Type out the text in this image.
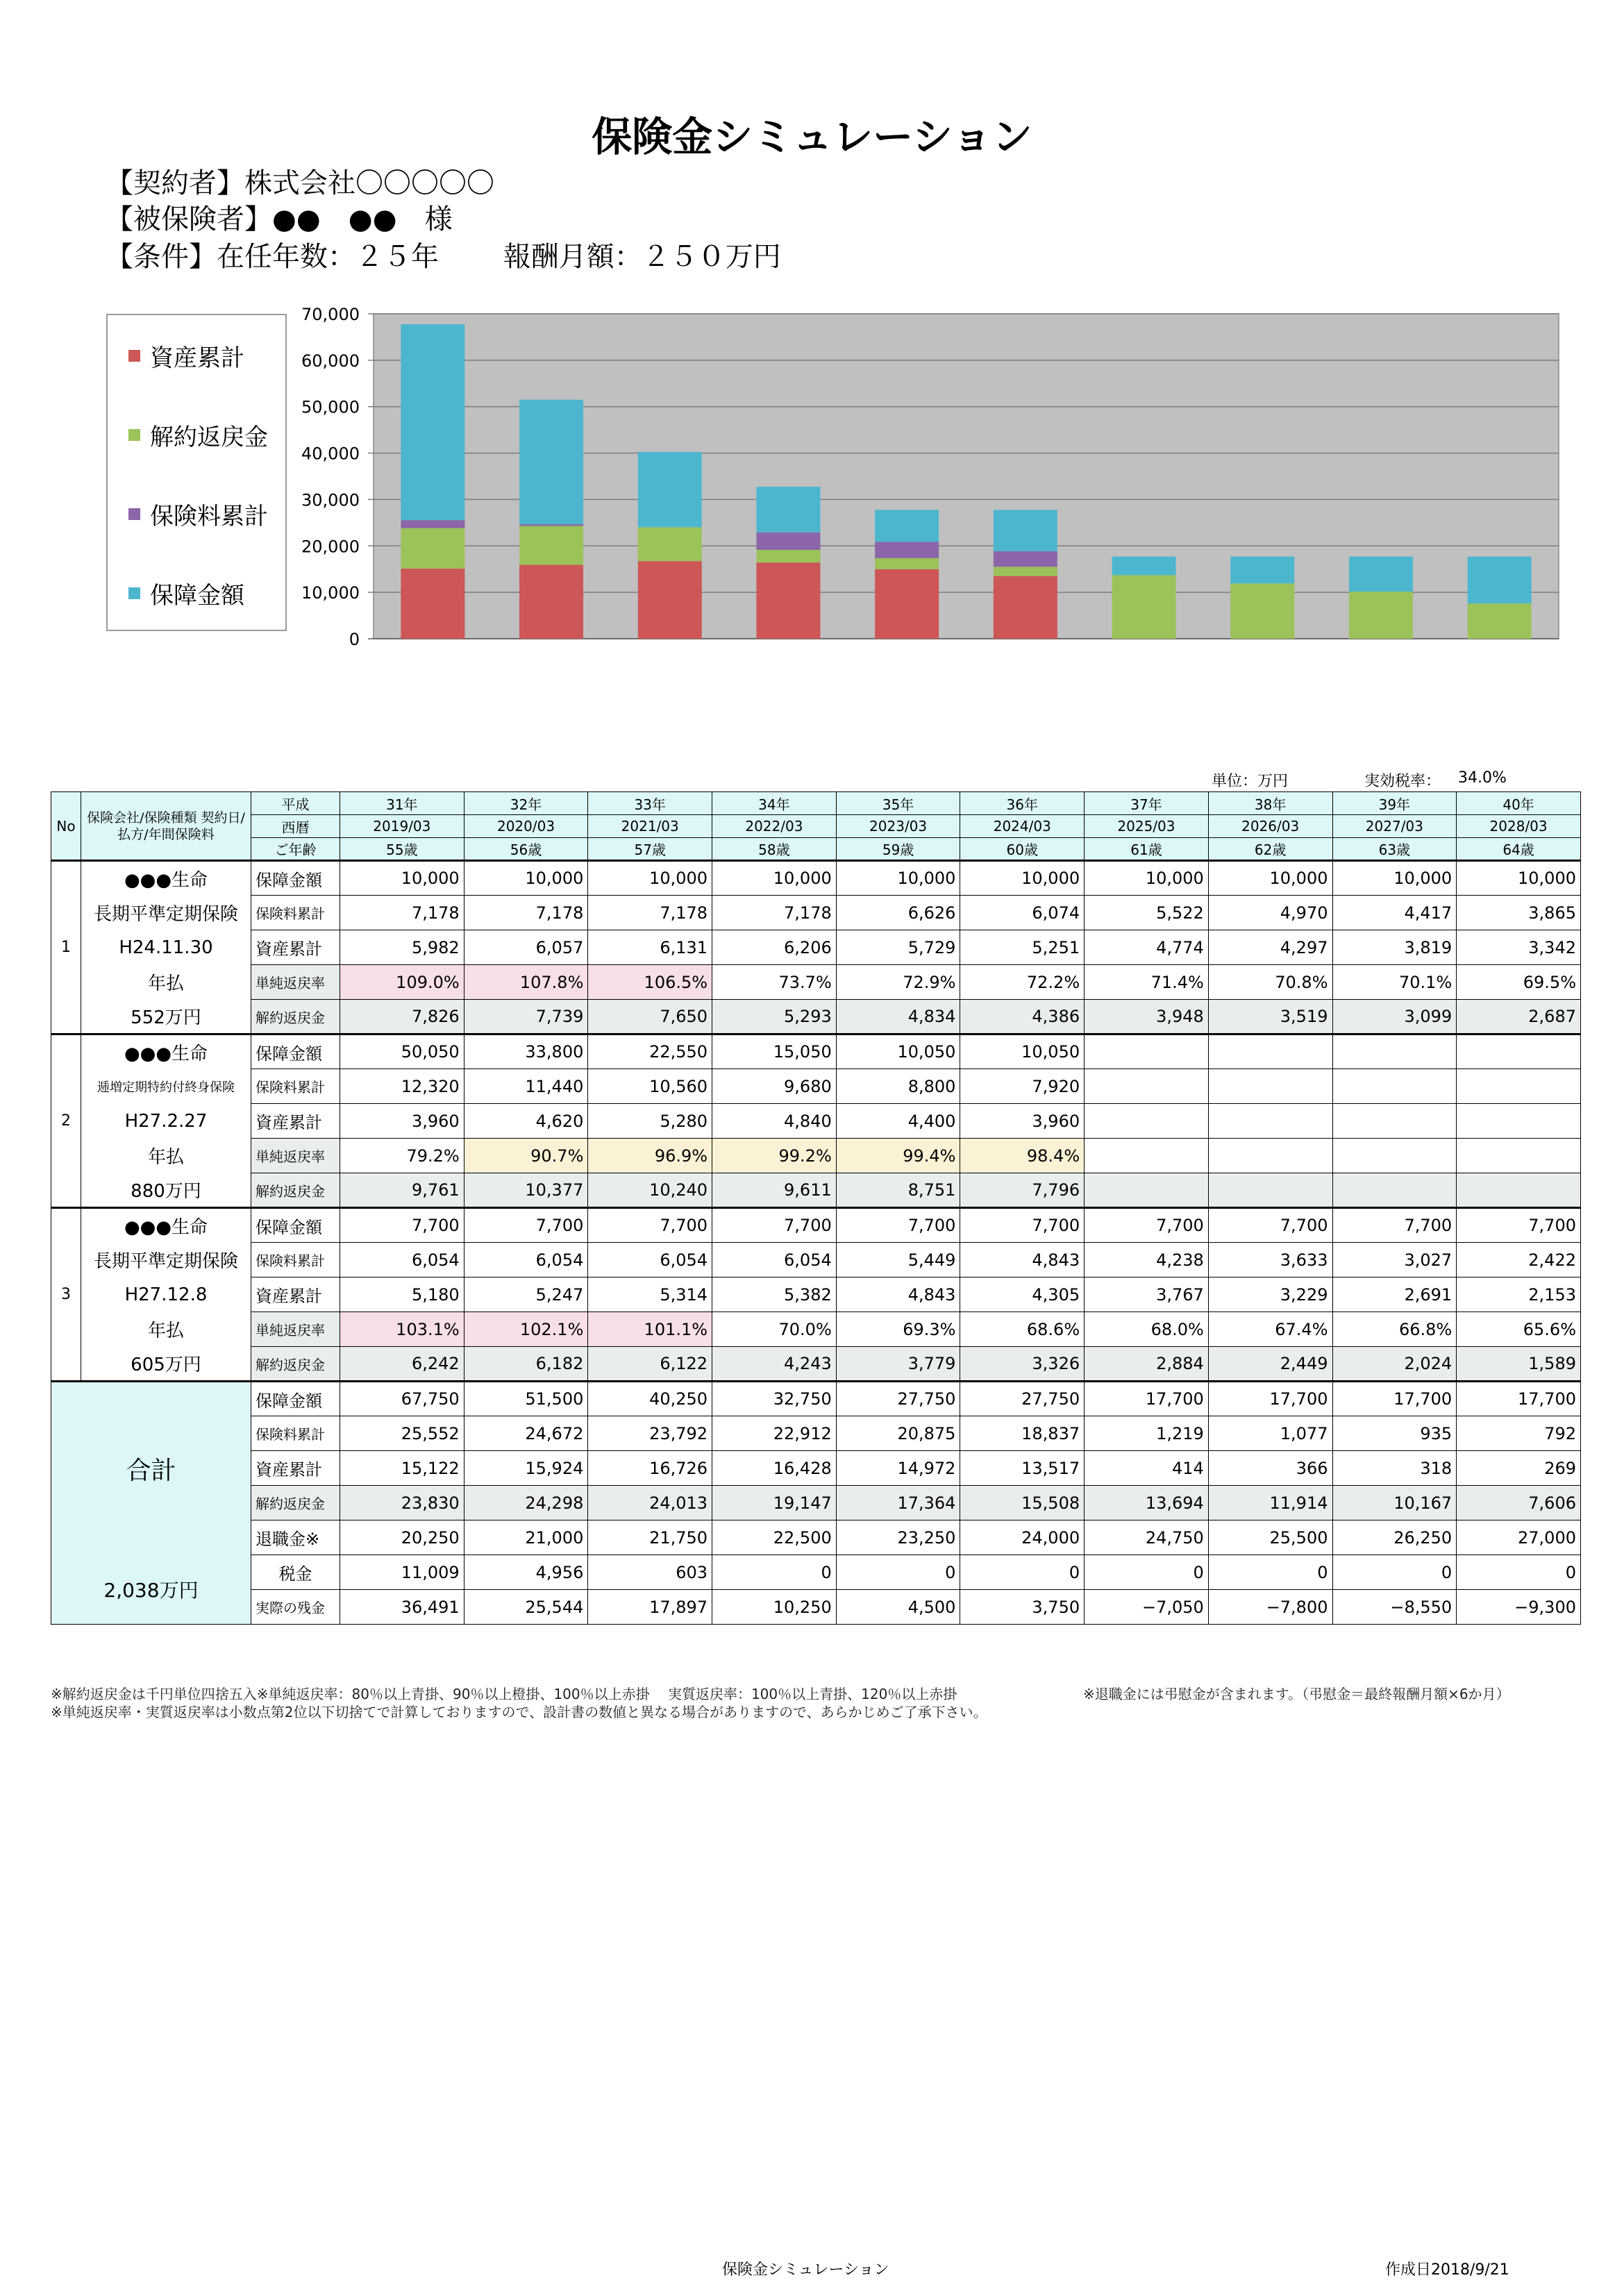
保険金シミュレーション
【契約者】株式会社〇〇〇〇〇
【被保険者】●●　●●　様
【条件】在任年数：２５年　　 報酬月額：２５０万円
0
10,000
20,000
30,000
40,000
50,000
60,000
70,000
資産累計
解約返戻金
保険料累計
保障金額
単位：万円	実効税率： 34.0%
No	保険会社/保険種類 契約日/払方/年間保険料	平成	31年	32年	33年	34年	35年	36年	37年	38年	39年	40年
		西暦	2019/03	2020/03	2021/03	2022/03	2023/03	2024/03	2025/03	2026/03	2027/03	2028/03
		ご年齢	55歳	56歳	57歳	58歳	59歳	60歳	61歳	62歳	63歳	64歳
1	●●●生命	保障金額	10,000	10,000	10,000	10,000	10,000	10,000	10,000	10,000	10,000	10,000
	長期平準定期保険	保険料累計	7,178	7,178	7,178	7,178	6,626	6,074	5,522	4,970	4,417	3,865
	H24.11.30	資産累計	5,982	6,057	6,131	6,206	5,729	5,251	4,774	4,297	3,819	3,342
	年払	単純返戻率	109.0%	107.8%	106.5%	73.7%	72.9%	72.2%	71.4%	70.8%	70.1%	69.5%
	552万円	解約返戻金	7,826	7,739	7,650	5,293	4,834	4,386	3,948	3,519	3,099	2,687
2	●●●生命	保障金額	50,050	33,800	22,550	15,050	10,050	10,050				
	逓増定期特約付終身保険	保険料累計	12,320	11,440	10,560	9,680	8,800	7,920				
	H27.2.27	資産累計	3,960	4,620	5,280	4,840	4,400	3,960				
	年払	単純返戻率	79.2%	90.7%	96.9%	99.2%	99.4%	98.4%				
	880万円	解約返戻金	9,761	10,377	10,240	9,611	8,751	7,796				
3	●●●生命	保障金額	7,700	7,700	7,700	7,700	7,700	7,700	7,700	7,700	7,700	7,700
	長期平準定期保険	保険料累計	6,054	6,054	6,054	6,054	5,449	4,843	4,238	3,633	3,027	2,422
	H27.12.8	資産累計	5,180	5,247	5,314	5,382	4,843	4,305	3,767	3,229	2,691	2,153
	年払	単純返戻率	103.1%	102.1%	101.1%	70.0%	69.3%	68.6%	68.0%	67.4%	66.8%	65.6%
	605万円	解約返戻金	6,242	6,182	6,122	4,243	3,779	3,326	2,884	2,449	2,024	1,589
合計		保障金額	67,750	51,500	40,250	32,750	27,750	27,750	17,700	17,700	17,700	17,700
		保険料累計	25,552	24,672	23,792	22,912	20,875	18,837	1,219	1,077	935	792
		資産累計	15,122	15,924	16,726	16,428	14,972	13,517	414	366	318	269
		解約返戻金	23,830	24,298	24,013	19,147	17,364	15,508	13,694	11,914	10,167	7,606
		退職金※	20,250	21,000	21,750	22,500	23,250	24,000	24,750	25,500	26,250	27,000
2,038万円		税金	11,009	4,956	603	0	0	0	0	0	0	0
		実際の残金	36,491	25,544	17,897	10,250	4,500	3,750	−7,050	−7,800	−8,550	−9,300
※解約返戻金は千円単位四捨五入※単純返戻率：80％以上青掛、90％以上橙掛、100％以上赤掛　 実質返戻率：100％以上青掛、120％以上赤掛	※退職金には弔慰金が含まれます。（弔慰金＝最終報酬月額×6か月）
※単純返戻率・実質返戻率は小数点第2位以下切捨てで計算しておりますので、設計書の数値と異なる場合がありますので、あらかじめご了承下さい。
保険金シミュレーション	作成日2018/9/21
